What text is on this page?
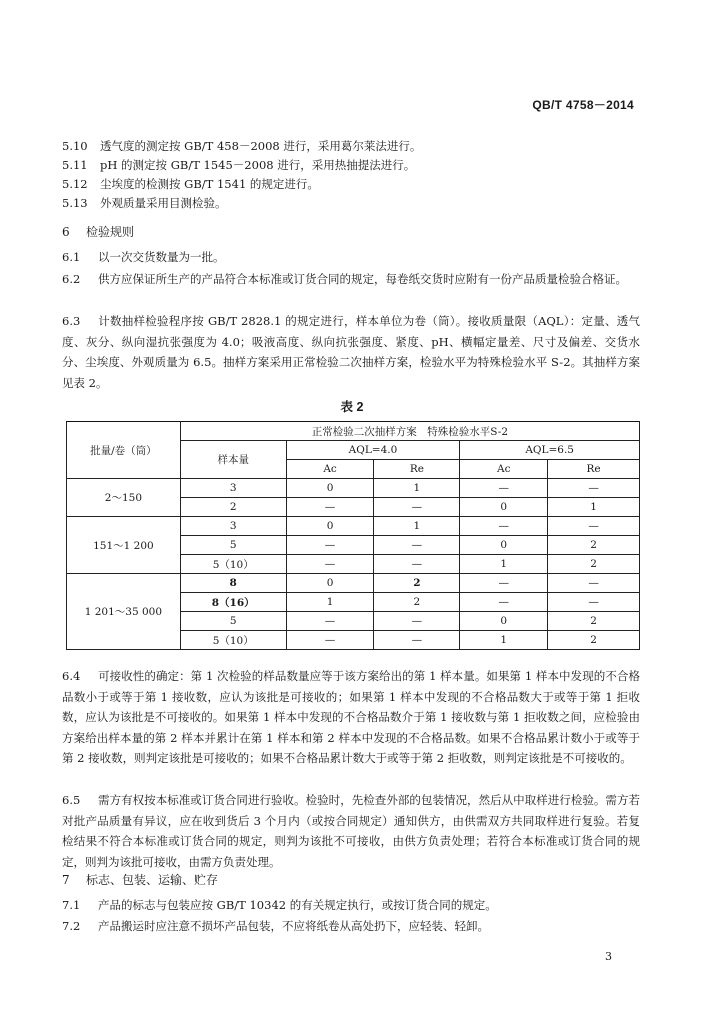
QB/T 4758－2014
5.10 透气度的测定按 GB/T 458－2008 进行，采用葛尔莱法进行。
5.11 pH 的测定按 GB/T 1545－2008 进行，采用热抽提法进行。
5.12 尘埃度的检测按 GB/T 1541 的规定进行。
5.13 外观质量采用目测检验。
6 检验规则
6.1 以一次交货数量为一批。
6.2 供方应保证所生产的产品符合本标准或订货合同的规定，每卷纸交货时应附有一份产品质量检验合格证。
6.3 计数抽样检验程序按 GB/T 2828.1 的规定进行，样本单位为卷（筒）。接收质量限（AQL）：定量、透气度、灰分、纵向湿抗张强度为 4.0；吸液高度、纵向抗张强度、紧度、pH、横幅定量差、尺寸及偏差、交货水分、尘埃度、外观质量为 6.5。抽样方案采用正常检验二次抽样方案，检验水平为特殊检验水平 S-2。其抽样方案见表 2。
表 2
批量/卷（筒）	正常检验二次抽样方案　特殊检验水平S-2				
	样本量	AQL=4.0		AQL=6.5	
		Ac	Re	Ac	Re
2～150	3	0	1	—	—
	2	—	—	0	1
151～1 200	3	0	1	—	—
	5	—	—	0	2
	5（10）	—	—	1	2
1 201～35 000	8	0	2	—	—
	8（16）	1	2	—	—
	5	—	—	0	2
	5（10）	—	—	1	2
6.4 可接收性的确定：第 1 次检验的样品数量应等于该方案给出的第 1 样本量。如果第 1 样本中发现的不合格品数小于或等于第 1 接收数，应认为该批是可接收的；如果第 1 样本中发现的不合格品数大于或等于第 1 拒收数，应认为该批是不可接收的。如果第 1 样本中发现的不合格品数介于第 1 接收数与第 1 拒收数之间，应检验由方案给出样本量的第 2 样本并累计在第 1 样本和第 2 样本中发现的不合格品数。如果不合格品累计数小于或等于第 2 接收数，则判定该批是可接收的；如果不合格品累计数大于或等于第 2 拒收数，则判定该批是不可接收的。
6.5 需方有权按本标准或订货合同进行验收。检验时，先检查外部的包装情况，然后从中取样进行检验。需方若对批产品质量有异议，应在收到货后 3 个月内（或按合同规定）通知供方，由供需双方共同取样进行复验。若复检结果不符合本标准或订货合同的规定，则判为该批不可接收，由供方负责处理；若符合本标准或订货合同的规定，则判为该批可接收，由需方负责处理。
7 标志、包装、运输、贮存
7.1 产品的标志与包装应按 GB/T 10342 的有关规定执行，或按订货合同的规定。
7.2 产品搬运时应注意不损坏产品包装，不应将纸卷从高处扔下，应轻装、轻卸。
3
